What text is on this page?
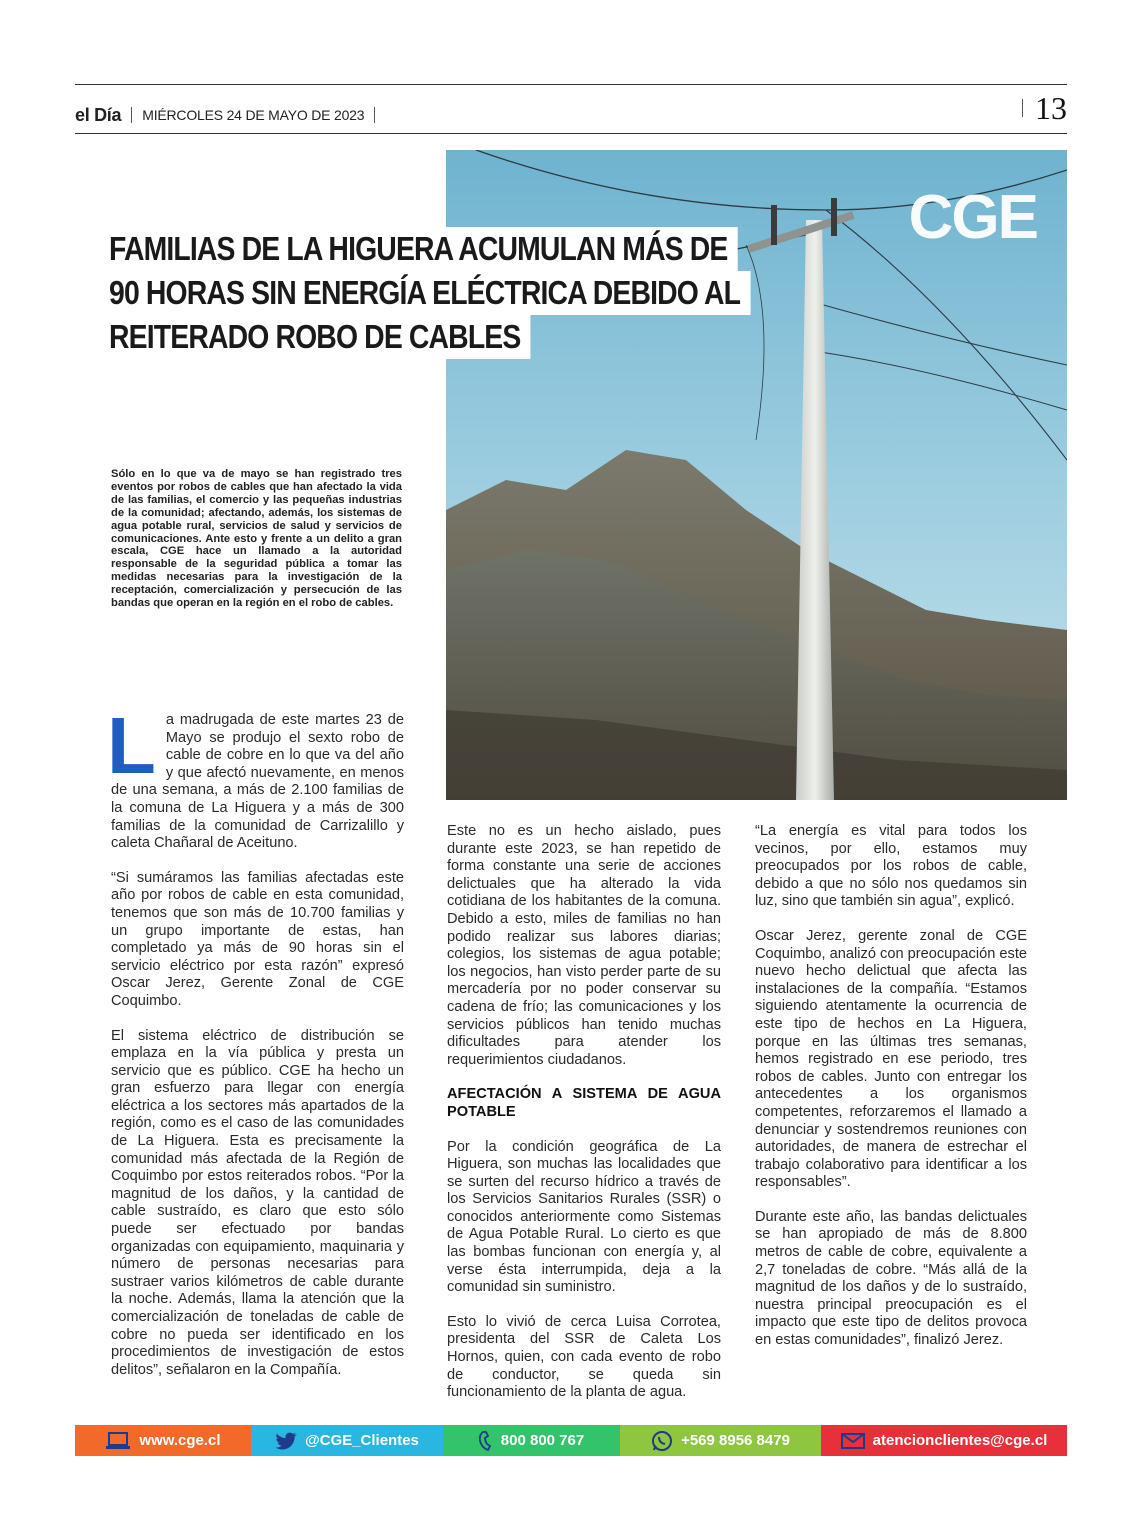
el Día MIÉRCOLES 24 DE MAYO DE 2023	13
CGE
FAMILIAS DE LA HIGUERA ACUMULAN MÁS DE
90 HORAS SIN ENERGÍA ELÉCTRICA DEBIDO AL
REITERADO ROBO DE CABLES
Sólo en lo que va de mayo se han registrado tres eventos por robos de cables que han afectado la vida de las familias, el comercio y las pequeñas industrias de la comunidad; afectando, además, los sistemas de agua potable rural, servicios de salud y servicios de comunicaciones. Ante esto y frente a un delito a gran escala, CGE hace un llamado a la autoridad responsable de la seguridad pública a tomar las medidas necesarias para la investigación de la receptación, comercialización y persecución de las bandas que operan en la región en el robo de cables.

La madrugada de este martes 23 de Mayo se produjo el sexto robo de cable de cobre en lo que va del año y que afectó nuevamente, en menos de una semana, a más de 2.100 familias de la comuna de La Higuera y a más de 300 familias de la comunidad de Carrizalillo y caleta Chañaral de Aceituno.

“Si sumáramos las familias afectadas este año por robos de cable en esta comunidad, tenemos que son más de 10.700 familias y un grupo importante de estas, han completado ya más de 90 horas sin el servicio eléctrico por esta razón” expresó Oscar Jerez, Gerente Zonal de CGE Coquimbo.

El sistema eléctrico de distribución se emplaza en la vía pública y presta un servicio que es público. CGE ha hecho un gran esfuerzo para llegar con energía eléctrica a los sectores más apartados de la región, como es el caso de las comunidades de La Higuera. Esta es precisamente la comunidad más afectada de la Región de Coquimbo por estos reiterados robos. “Por la magnitud de los daños, y la cantidad de cable sustraído, es claro que esto sólo puede ser efectuado por bandas organizadas con equipamiento, maquinaria y número de personas necesarias para sustraer varios kilómetros de cable durante la noche. Además, llama la atención que la comercialización de toneladas de cable de cobre no pueda ser identificado en los procedimientos de investigación de estos delitos”, señalaron en la Compañía.

Este no es un hecho aislado, pues durante este 2023, se han repetido de forma constante una serie de acciones delictuales que ha alterado la vida cotidiana de los habitantes de la comuna. Debido a esto, miles de familias no han podido realizar sus labores diarias; colegios, los sistemas de agua potable; los negocios, han visto perder parte de su mercadería por no poder conservar su cadena de frío; las comunicaciones y los servicios públicos han tenido muchas dificultades para atender los requerimientos ciudadanos.

AFECTACIÓN A SISTEMA DE AGUA POTABLE

Por la condición geográfica de La Higuera, son muchas las localidades que se surten del recurso hídrico a través de los Servicios Sanitarios Rurales (SSR) o conocidos anteriormente como Sistemas de Agua Potable Rural. Lo cierto es que las bombas funcionan con energía y, al verse ésta interrumpida, deja a la comunidad sin suministro.

Esto lo vivió de cerca Luisa Corrotea, presidenta del SSR de Caleta Los Hornos, quien, con cada evento de robo de conductor, se queda sin funcionamiento de la planta de agua.

“La energía es vital para todos los vecinos, por ello, estamos muy preocupados por los robos de cable, debido a que no sólo nos quedamos sin luz, sino que también sin agua”, explicó.

Oscar Jerez, gerente zonal de CGE Coquimbo, analizó con preocupación este nuevo hecho delictual que afecta las instalaciones de la compañía. “Estamos siguiendo atentamente la ocurrencia de este tipo de hechos en La Higuera, porque en las últimas tres semanas, hemos registrado en ese periodo, tres robos de cables. Junto con entregar los antecedentes a los organismos competentes, reforzaremos el llamado a denunciar y sostendremos reuniones con autoridades, de manera de estrechar el trabajo colaborativo para identificar a los responsables”.

Durante este año, las bandas delictuales se han apropiado de más de 8.800 metros de cable de cobre, equivalente a 2,7 toneladas de cobre. “Más allá de la magnitud de los daños y de lo sustraído, nuestra principal preocupación es el impacto que este tipo de delitos provoca en estas comunidades”, finalizó Jerez.

www.cge.cl	@CGE_Clientes	800 800 767	+569 8956 8479	atencionclientes@cge.cl
